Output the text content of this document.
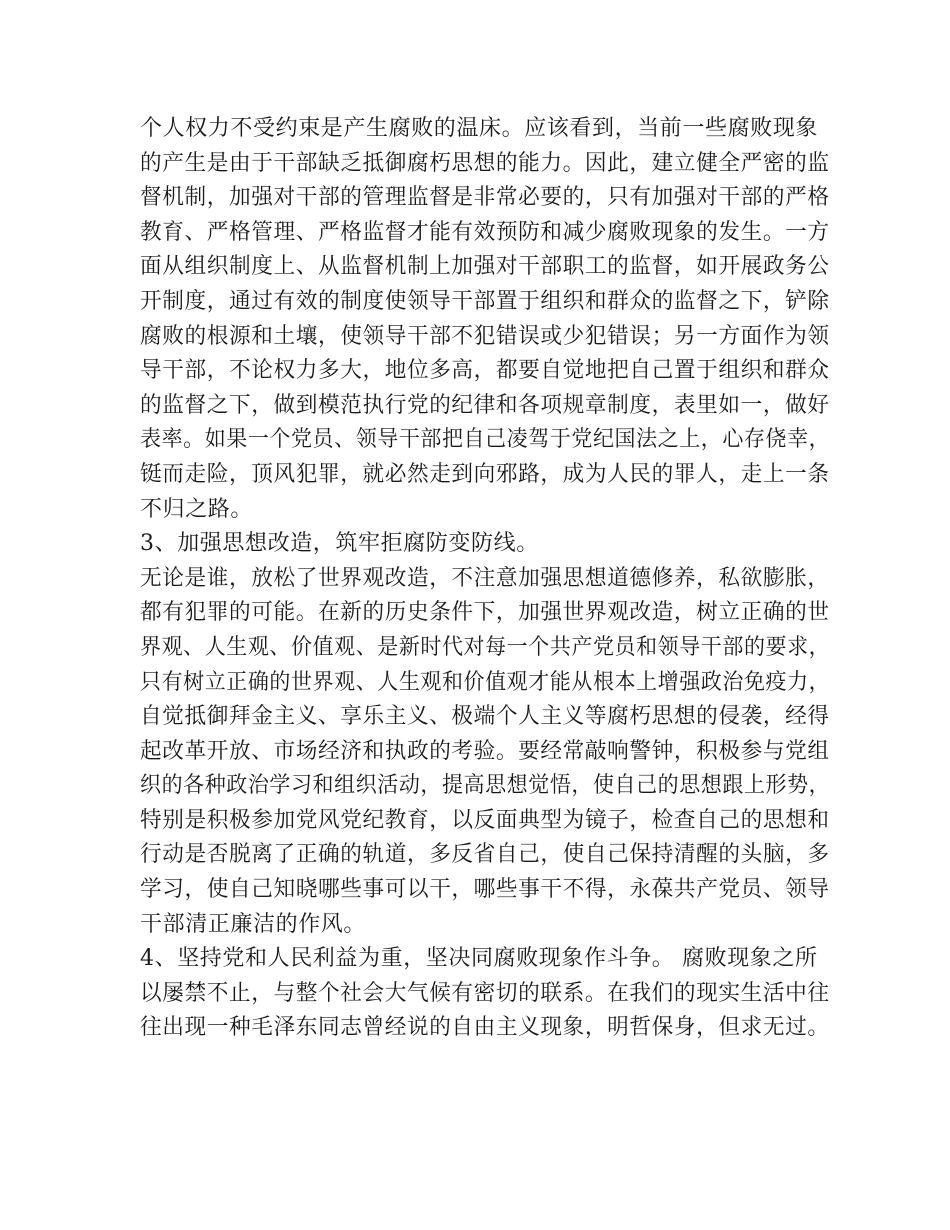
个人权力不受约束是产生腐败的温床。应该看到，当前一些腐败现象
的产生是由于干部缺乏抵御腐朽思想的能力。因此，建立健全严密的监
督机制，加强对干部的管理监督是非常必要的，只有加强对干部的严格
教育、严格管理、严格监督才能有效预防和减少腐败现象的发生。一方
面从组织制度上、从监督机制上加强对干部职工的监督，如开展政务公
开制度，通过有效的制度使领导干部置于组织和群众的监督之下，铲除
腐败的根源和土壤，使领导干部不犯错误或少犯错误；另一方面作为领
导干部，不论权力多大，地位多高，都要自觉地把自己置于组织和群众
的监督之下，做到模范执行党的纪律和各项规章制度，表里如一，做好
表率。如果一个党员、领导干部把自己凌驾于党纪国法之上，心存侥幸，
铤而走险，顶风犯罪，就必然走到向邪路，成为人民的罪人，走上一条
不归之路。
3、加强思想改造，筑牢拒腐防变防线。
无论是谁，放松了世界观改造，不注意加强思想道德修养，私欲膨胀，
都有犯罪的可能。在新的历史条件下，加强世界观改造，树立正确的世
界观、人生观、价值观、是新时代对每一个共产党员和领导干部的要求，
只有树立正确的世界观、人生观和价值观才能从根本上增强政治免疫力，
自觉抵御拜金主义、享乐主义、极端个人主义等腐朽思想的侵袭，经得
起改革开放、市场经济和执政的考验。要经常敲响警钟，积极参与党组
织的各种政治学习和组织活动，提高思想觉悟，使自己的思想跟上形势，
特别是积极参加党风党纪教育，以反面典型为镜子，检查自己的思想和
行动是否脱离了正确的轨道，多反省自己，使自己保持清醒的头脑，多
学习，使自己知晓哪些事可以干，哪些事干不得，永葆共产党员、领导
干部清正廉洁的作风。
4、坚持党和人民利益为重，坚决同腐败现象作斗争。 腐败现象之所
以屡禁不止，与整个社会大气候有密切的联系。在我们的现实生活中往
往出现一种毛泽东同志曾经说的自由主义现象，明哲保身，但求无过。
